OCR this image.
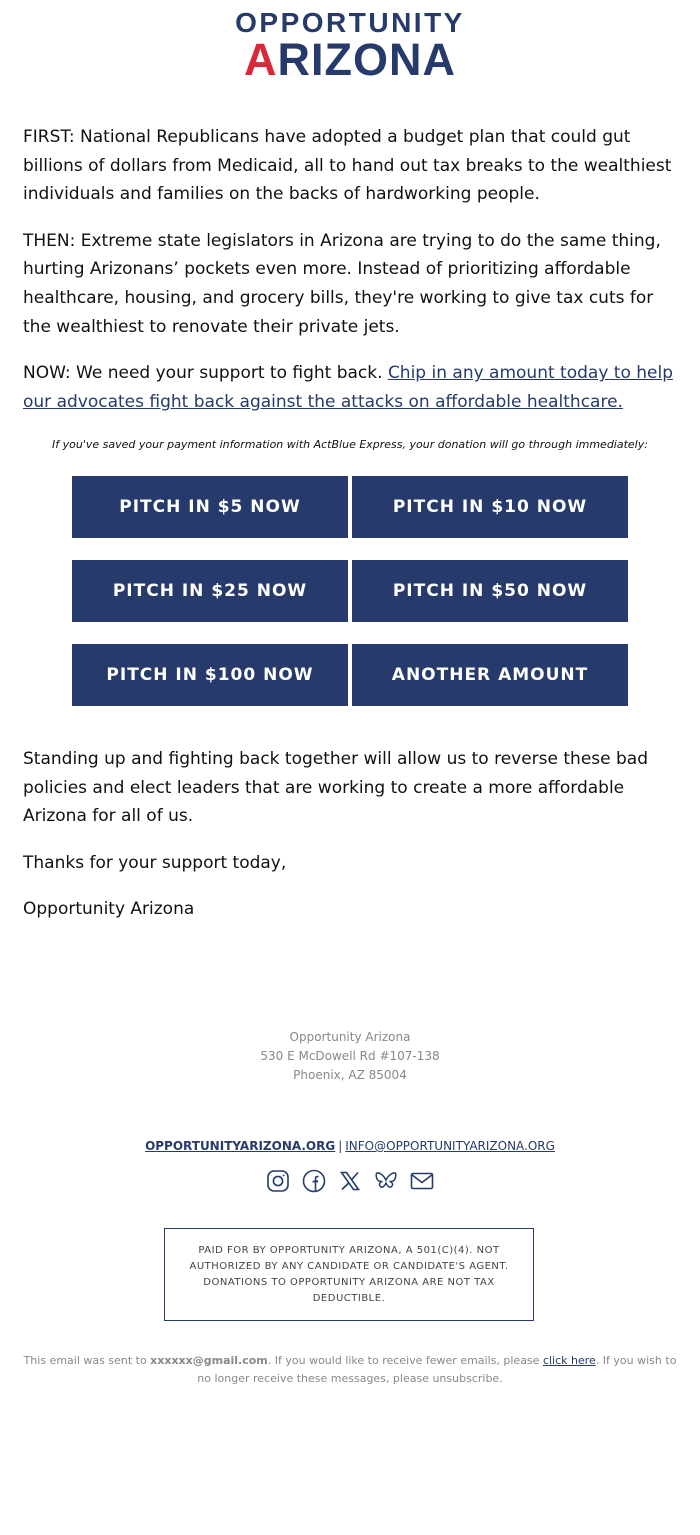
OPPORTUNITY
ARIZONA

FIRST: National Republicans have adopted a budget plan that could gut billions of dollars from Medicaid, all to hand out tax breaks to the wealthiest individuals and families on the backs of hardworking people.

THEN: Extreme state legislators in Arizona are trying to do the same thing, hurting Arizonans’ pockets even more. Instead of prioritizing affordable healthcare, housing, and grocery bills, they're working to give tax cuts for the wealthiest to renovate their private jets.

NOW: We need your support to fight back. Chip in any amount today to help our advocates fight back against the attacks on affordable healthcare.

If you've saved your payment information with ActBlue Express, your donation will go through immediately:
PITCH IN $5 NOW	PITCH IN $10 NOW
PITCH IN $25 NOW	PITCH IN $50 NOW
PITCH IN $100 NOW	ANOTHER AMOUNT

Standing up and fighting back together will allow us to reverse these bad policies and elect leaders that are working to create a more affordable Arizona for all of us.

Thanks for your support today,

Opportunity Arizona

Opportunity Arizona
530 E McDowell Rd #107-138
Phoenix, AZ 85004
OPPORTUNITYARIZONA.ORG | INFO@OPPORTUNITYARIZONA.ORG
PAID FOR BY OPPORTUNITY ARIZONA, A 501(C)(4). NOT AUTHORIZED BY ANY CANDIDATE OR CANDIDATE'S AGENT. DONATIONS TO OPPORTUNITY ARIZONA ARE NOT TAX DEDUCTIBLE.
This email was sent to xxxxxx@gmail.com. If you would like to receive fewer emails, please click here. If you wish to no longer receive these messages, please unsubscribe.
